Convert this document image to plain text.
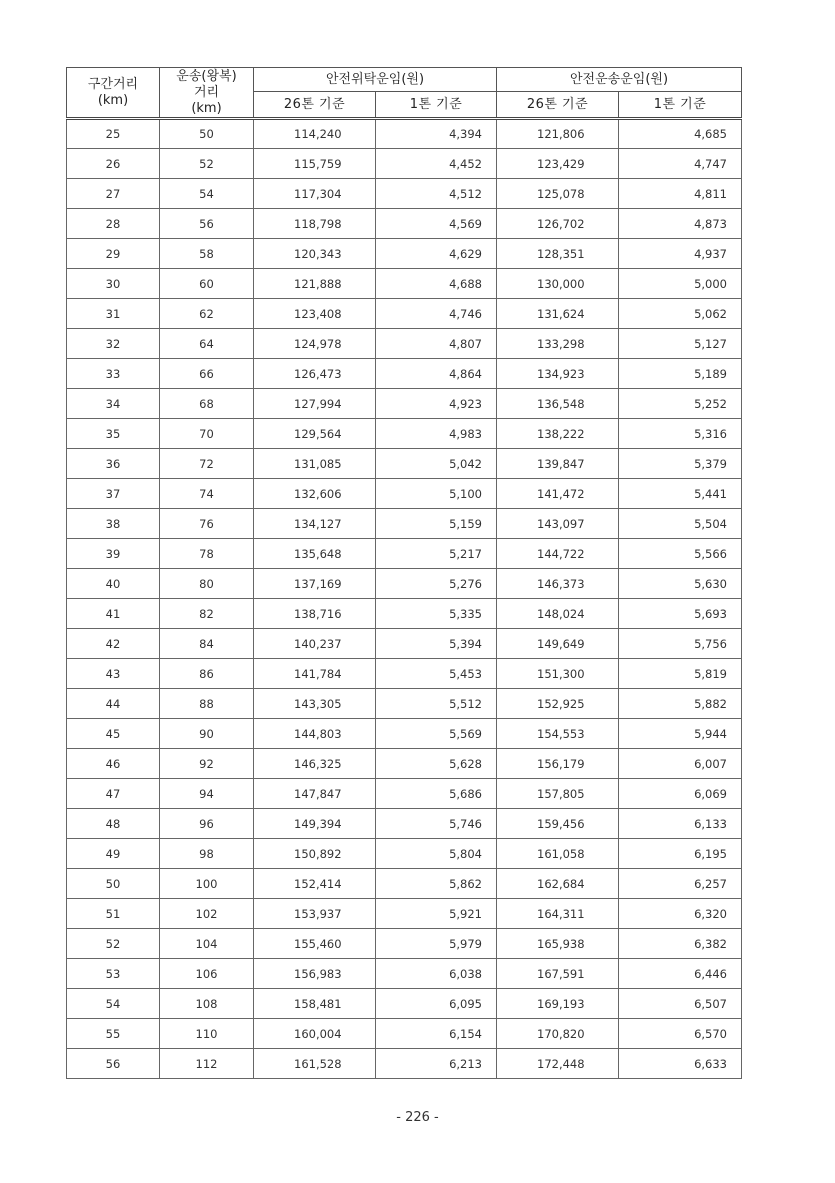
구간거리
(km)	운송(왕복)
거리
(km)	안전위탁운임(원)		안전운송운임(원)	
		26톤 기준	1톤 기준	26톤 기준	1톤 기준
25	50	114,240	4,394	121,806	4,685
26	52	115,759	4,452	123,429	4,747
27	54	117,304	4,512	125,078	4,811
28	56	118,798	4,569	126,702	4,873
29	58	120,343	4,629	128,351	4,937
30	60	121,888	4,688	130,000	5,000
31	62	123,408	4,746	131,624	5,062
32	64	124,978	4,807	133,298	5,127
33	66	126,473	4,864	134,923	5,189
34	68	127,994	4,923	136,548	5,252
35	70	129,564	4,983	138,222	5,316
36	72	131,085	5,042	139,847	5,379
37	74	132,606	5,100	141,472	5,441
38	76	134,127	5,159	143,097	5,504
39	78	135,648	5,217	144,722	5,566
40	80	137,169	5,276	146,373	5,630
41	82	138,716	5,335	148,024	5,693
42	84	140,237	5,394	149,649	5,756
43	86	141,784	5,453	151,300	5,819
44	88	143,305	5,512	152,925	5,882
45	90	144,803	5,569	154,553	5,944
46	92	146,325	5,628	156,179	6,007
47	94	147,847	5,686	157,805	6,069
48	96	149,394	5,746	159,456	6,133
49	98	150,892	5,804	161,058	6,195
50	100	152,414	5,862	162,684	6,257
51	102	153,937	5,921	164,311	6,320
52	104	155,460	5,979	165,938	6,382
53	106	156,983	6,038	167,591	6,446
54	108	158,481	6,095	169,193	6,507
55	110	160,004	6,154	170,820	6,570
56	112	161,528	6,213	172,448	6,633
- 226 -
